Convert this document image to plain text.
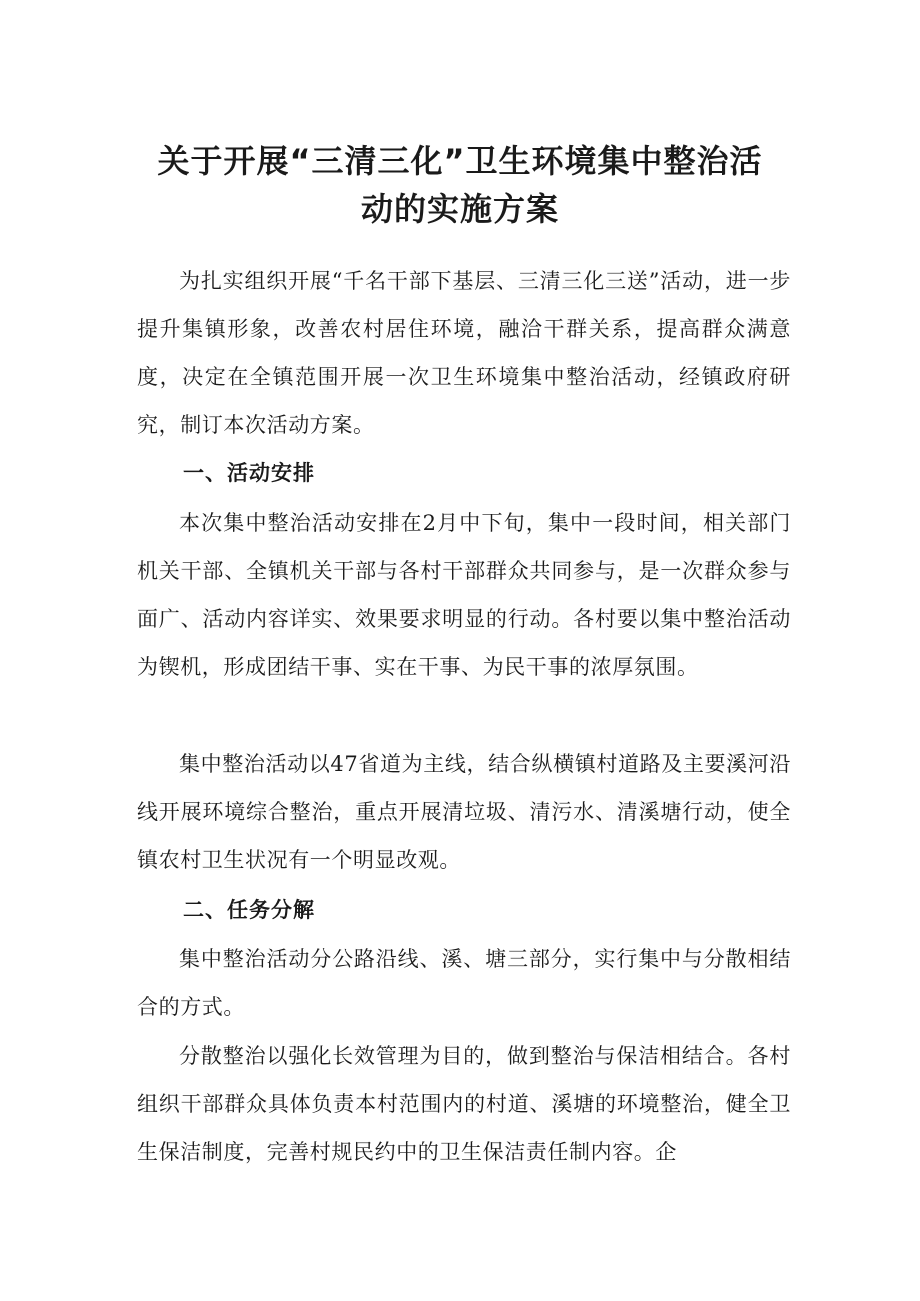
关于开展“三清三化”卫生环境集中整治活
动的实施方案

为扎实组织开展“千名干部下基层、三清三化三送”活动，进一步提升集镇形象，改善农村居住环境，融洽干群关系，提高群众满意度，决定在全镇范围开展一次卫生环境集中整治活动，经镇政府研究，制订本次活动方案。

一、活动安排

本次集中整治活动安排在2月中下旬，集中一段时间，相关部门机关干部、全镇机关干部与各村干部群众共同参与，是一次群众参与面广、活动内容详实、效果要求明显的行动。各村要以集中整治活动为锲机，形成团结干事、实在干事、为民干事的浓厚氛围。

集中整治活动以47省道为主线，结合纵横镇村道路及主要溪河沿线开展环境综合整治，重点开展清垃圾、清污水、清溪塘行动，使全镇农村卫生状况有一个明显改观。

二、任务分解

集中整治活动分公路沿线、溪、塘三部分，实行集中与分散相结合的方式。

分散整治以强化长效管理为目的，做到整治与保洁相结合。各村组织干部群众具体负责本村范围内的村道、溪塘的环境整治，健全卫生保洁制度，完善村规民约中的卫生保洁责任制内容。企
